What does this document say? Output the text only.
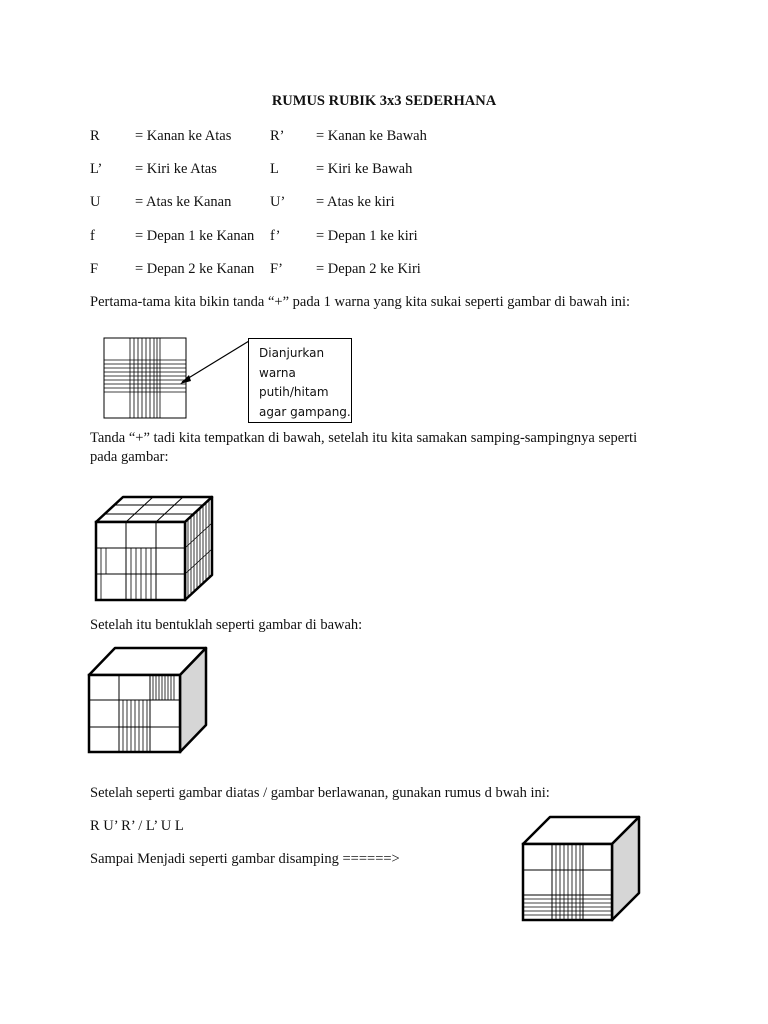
RUMUS RUBIK 3x3 SEDERHANA
R = Kanan ke Atas	R’ = Kanan ke Bawah
L’ = Kiri ke Atas	L	= Kiri ke Bawah
U = Atas ke Kanan	U’ = Atas ke kiri
f	= Depan 1 ke Kanan f’ = Depan 1 ke kiri
F	= Depan 2 ke Kanan F’ = Depan 2 ke Kiri
Pertama-tama kita bikin tanda “+” pada 1 warna yang kita sukai seperti gambar di bawah ini:
Dianjurkan
warna
putih/hitam
agar gampang.
Tanda “+” tadi kita tempatkan di bawah, setelah itu kita samakan samping-sampingnya seperti
pada gambar:
Setelah itu bentuklah seperti gambar di bawah:
Setelah seperti gambar diatas / gambar berlawanan, gunakan rumus d bwah ini:
R U’ R’ / L’ U L
Sampai Menjadi seperti gambar disamping ======>
